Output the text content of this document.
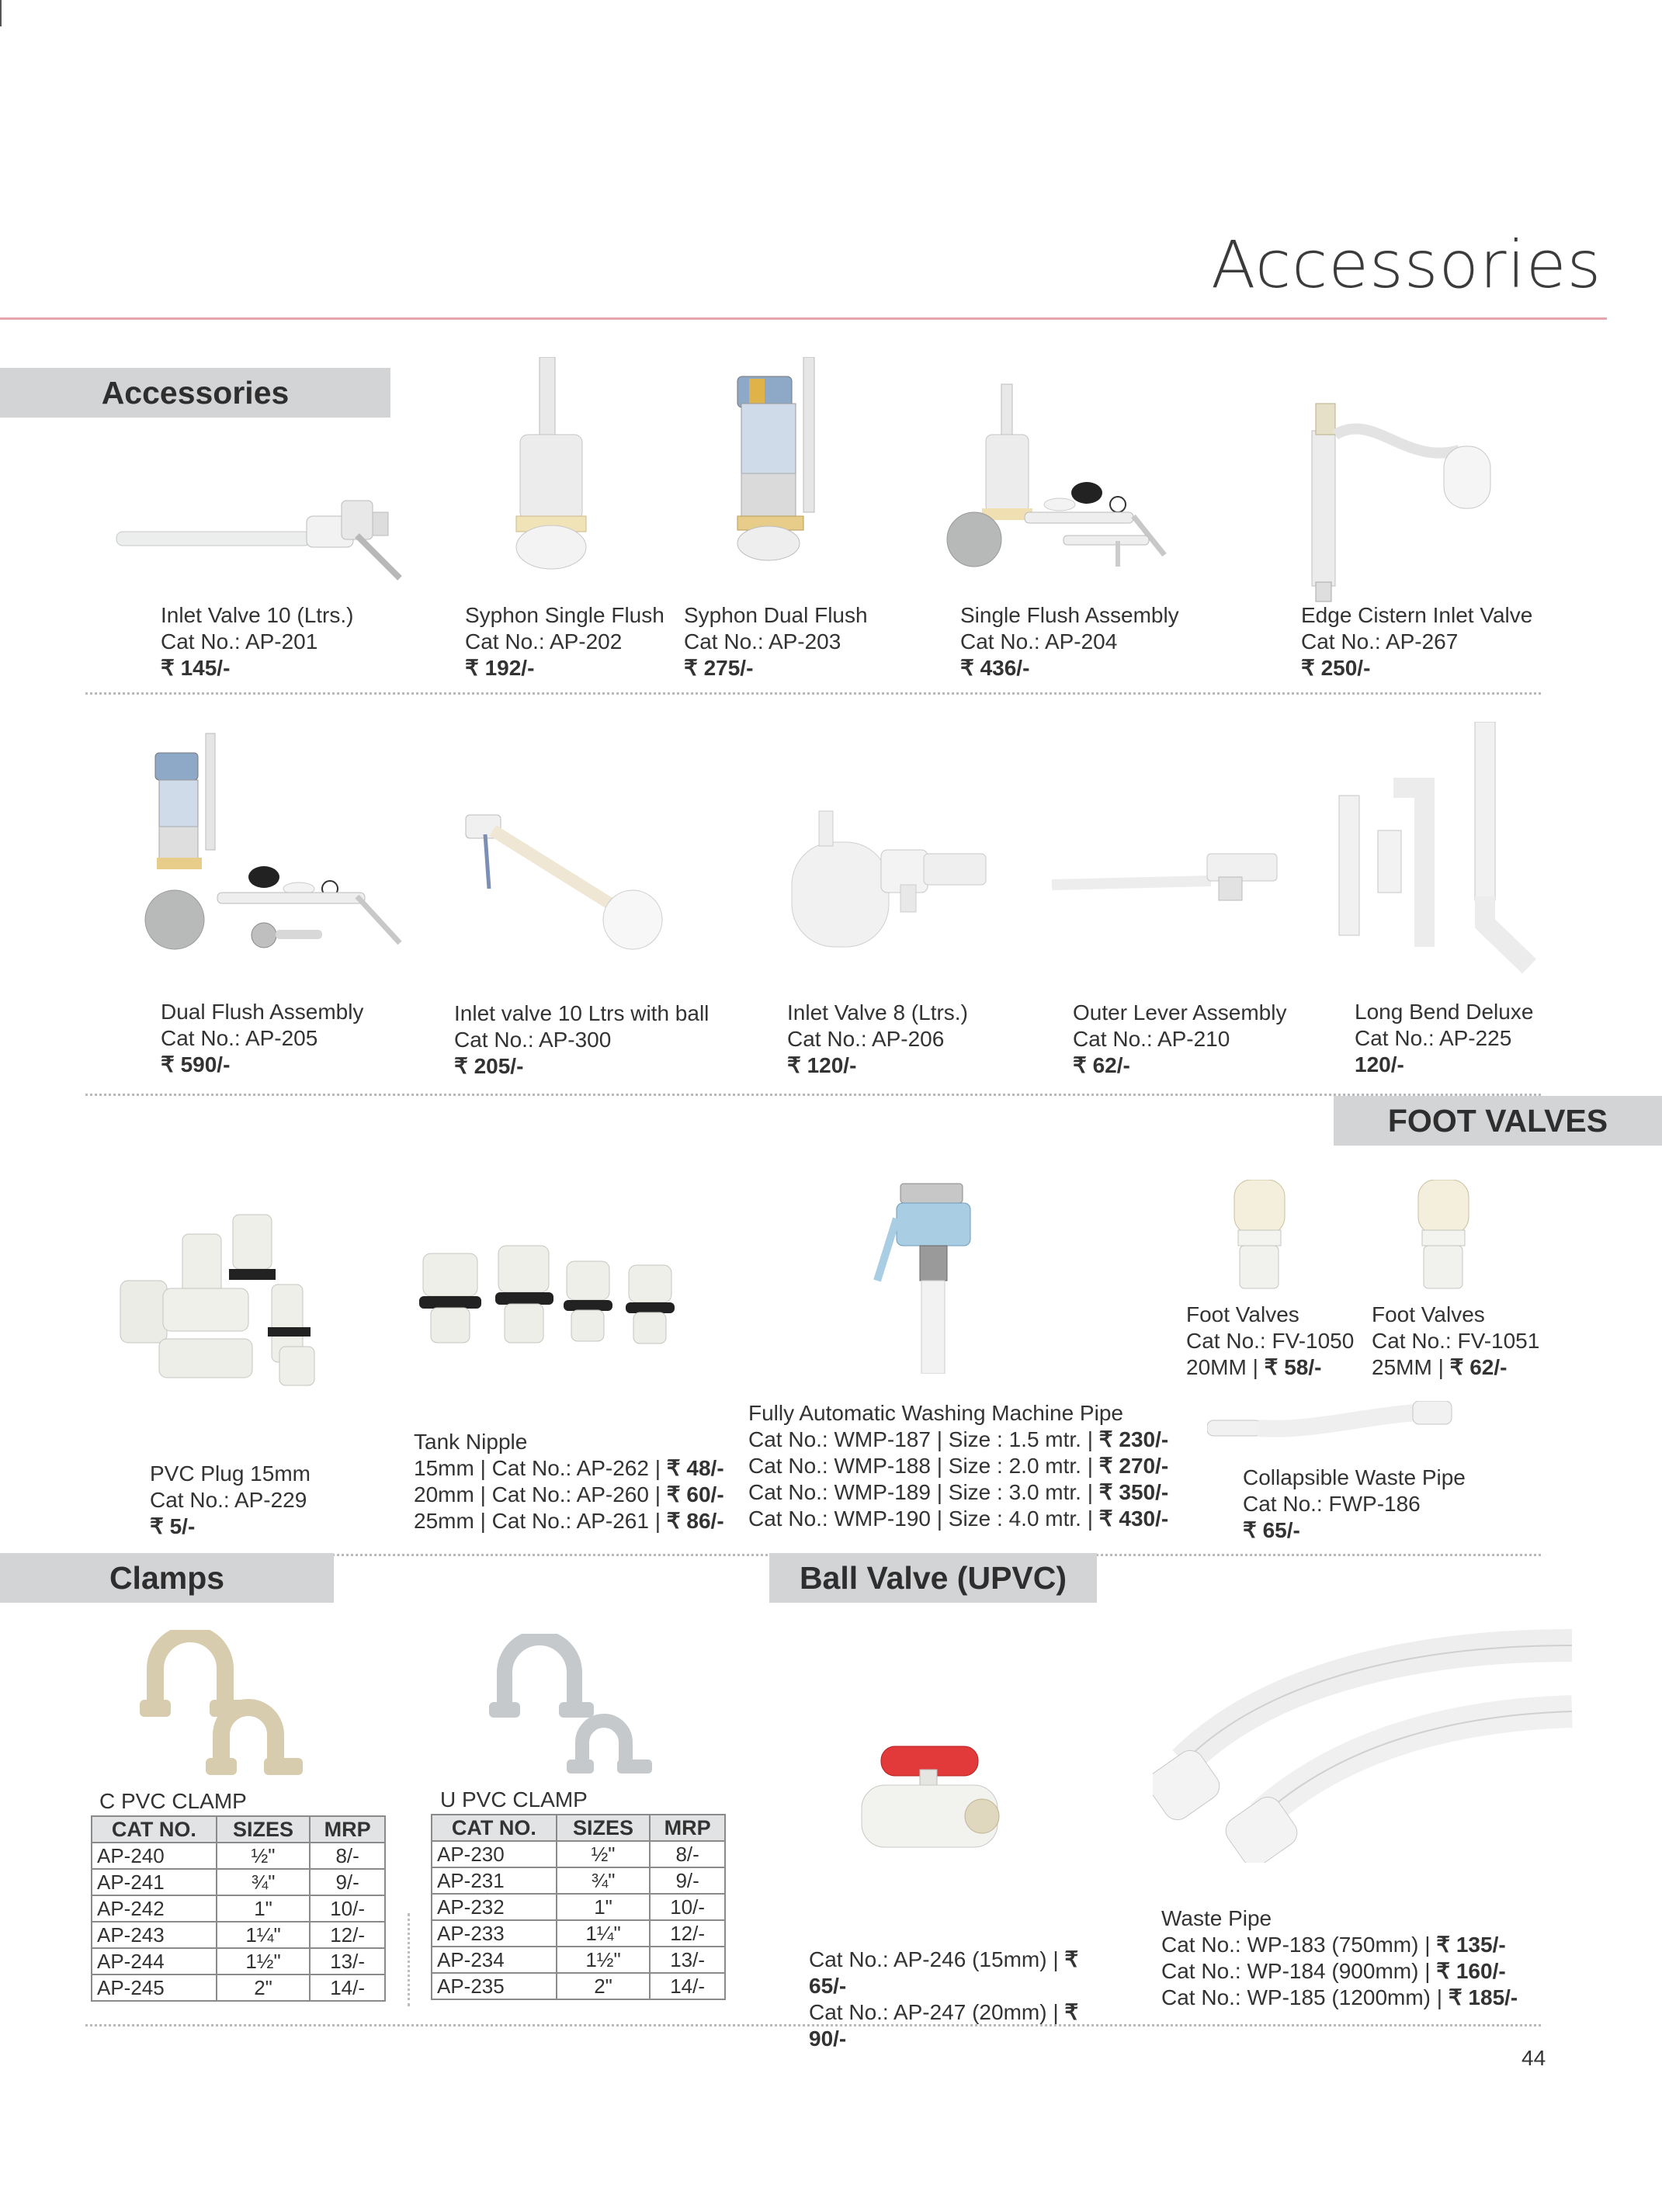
Accessories
Accessories
Inlet Valve 10 (Ltrs.)
Cat No.: AP-201
₹ 145/-
Syphon Single Flush
Cat No.: AP-202
₹ 192/-
Syphon Dual Flush
Cat No.: AP-203
₹ 275/-
Single Flush Assembly
Cat No.: AP-204
₹ 436/-
Edge Cistern Inlet Valve
Cat No.: AP-267
₹ 250/-
Dual Flush Assembly
Cat No.: AP-205
₹ 590/-
Inlet valve 10 Ltrs with ball
Cat No.: AP-300
₹ 205/-
Inlet Valve 8 (Ltrs.)
Cat No.: AP-206
₹ 120/-
Outer Lever Assembly
Cat No.: AP-210
₹ 62/-
Long Bend Deluxe
Cat No.: AP-225
120/-
FOOT VALVES
PVC Plug 15mm
Cat No.: AP-229
₹ 5/-
Tank Nipple
15mm | Cat No.: AP-262 | ₹ 48/-
20mm | Cat No.: AP-260 | ₹ 60/-
25mm | Cat No.: AP-261 | ₹ 86/-
Fully Automatic Washing Machine Pipe
Cat No.: WMP-187 | Size : 1.5 mtr. | ₹ 230/-
Cat No.: WMP-188 | Size : 2.0 mtr. | ₹ 270/-
Cat No.: WMP-189 | Size : 3.0 mtr. | ₹ 350/-
Cat No.: WMP-190 | Size : 4.0 mtr. | ₹ 430/-
Foot Valves
Cat No.: FV-1050
20MM | ₹ 58/-
Foot Valves
Cat No.: FV-1051
25MM | ₹ 62/-
Collapsible Waste Pipe
Cat No.: FWP-186
₹ 65/-
Clamps	Ball Valve (UPVC)
C PVC CLAMP
CAT NO.	SIZES	MRP
AP-240	½"	8/-
AP-241	¾"	9/-
AP-242	1"	10/-
AP-243	1¼"	12/-
AP-244	1½"	13/-
AP-245	2"	14/-
U PVC CLAMP
CAT NO.	SIZES	MRP
AP-230	½"	8/-
AP-231	¾"	9/-
AP-232	1"	10/-
AP-233	1¼"	12/-
AP-234	1½"	13/-
AP-235	2"	14/-
Cat No.: AP-246 (15mm) | ₹ 65/-
Cat No.: AP-247 (20mm) | ₹ 90/-
Waste Pipe
Cat No.: WP-183 (750mm) | ₹ 135/-
Cat No.: WP-184 (900mm) | ₹ 160/-
Cat No.: WP-185 (1200mm) | ₹ 185/-
44
